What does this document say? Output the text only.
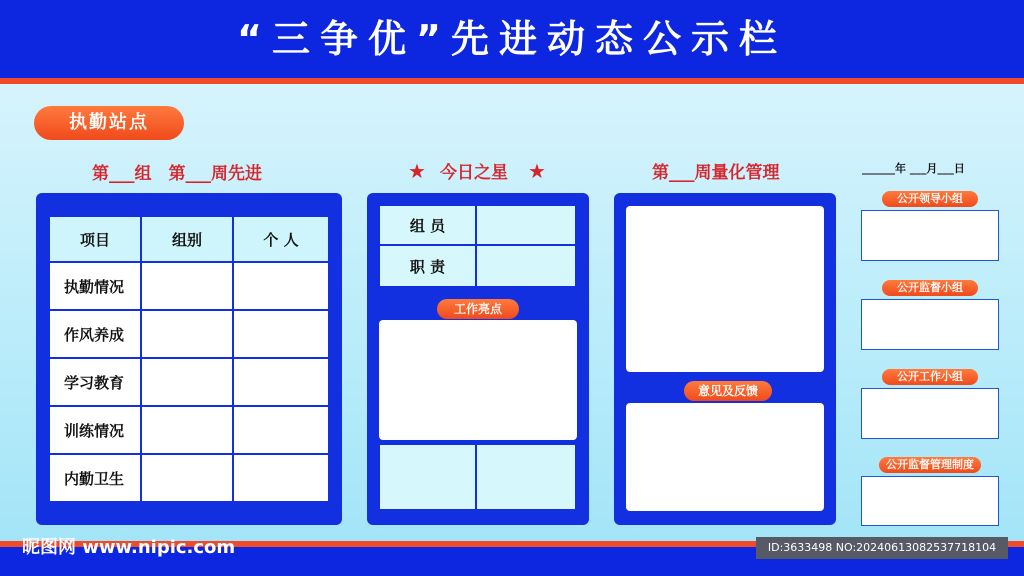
“三争优”先进动态公示栏
执勤站点
第___组　第___周先进
项目	组别	个 人
执勤情况
作风养成
学习教育
训练情况
内勤卫生
★ 今日之星	★
组 员
职 责
工作亮点
第___周量化管理
意见及反馈
______年 ___月___日
公开领导小组
公开监督小组
公开工作小组
公开监督管理制度
昵图网 www.nipic.com	ID:3633498 NO:20240613082537718104
